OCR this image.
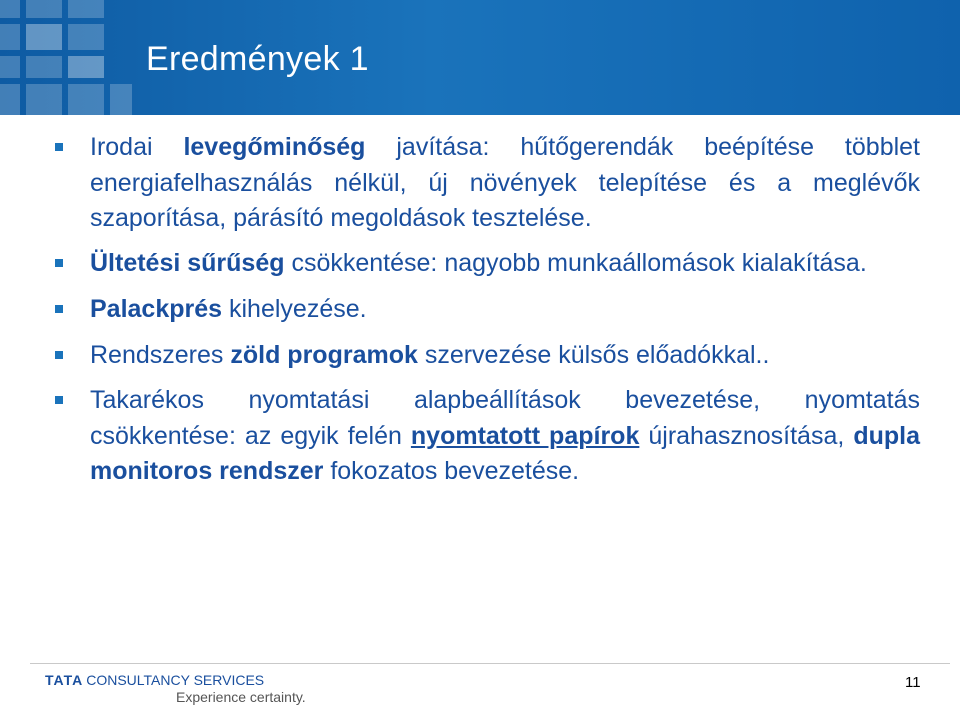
Eredmények 1

Irodai levegőminőség javítása: hűtőgerendák beépítése többlet energiafelhasználás nélkül, új növények telepítése és a meglévők szaporítása, párásító megoldások tesztelése.

Ültetési sűrűség csökkentése: nagyobb munkaállomások kialakítása.

Palackprés kihelyezése.

Rendszeres zöld programok szervezése külsős előadókkal..

Takarékos nyomtatási alapbeállítások bevezetése, nyomtatás csökkentése: az egyik felén nyomtatott papírok újrahasznosítása, dupla monitoros rendszer fokozatos bevezetése.

TATA CONSULTANCY SERVICES
Experience certainty.
11
